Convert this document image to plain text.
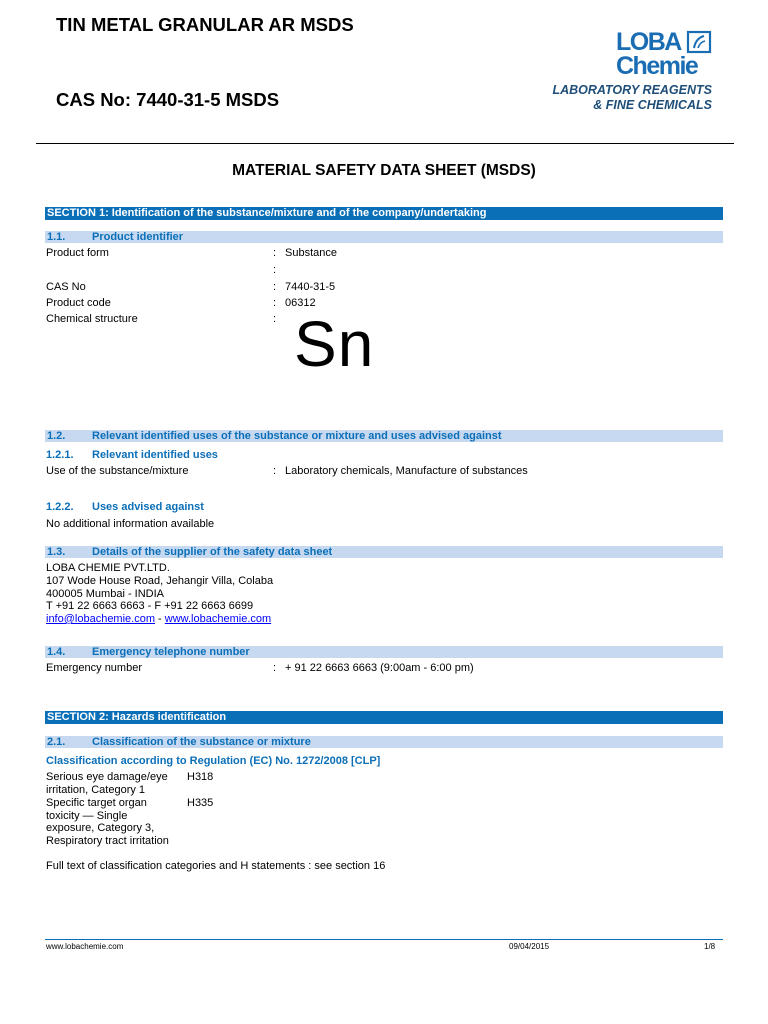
TIN METAL GRANULAR AR MSDS
CAS No: 7440-31-5 MSDS
LOBA
Chemie
LABORATORY REAGENTS
& FINE CHEMICALS
MATERIAL SAFETY DATA SHEET (MSDS)
SECTION 1: Identification of the substance/mixture and of the company/undertaking
1.1. Product identifier
Product form	: Substance
:
CAS No	: 7440-31-5
Product code	: 06312
Chemical structure	: Sn
1.2. Relevant identified uses of the substance or mixture and uses advised against
1.2.1. Relevant identified uses
Use of the substance/mixture	: Laboratory chemicals, Manufacture of substances
1.2.2. Uses advised against
No additional information available
1.3. Details of the supplier of the safety data sheet
LOBA CHEMIE PVT.LTD.
107 Wode House Road, Jehangir Villa, Colaba
400005 Mumbai - INDIA
T +91 22 6663 6663 - F +91 22 6663 6699
info@lobachemie.com - www.lobachemie.com
1.4. Emergency telephone number
Emergency number	: + 91 22 6663 6663 (9:00am - 6:00 pm)
SECTION 2: Hazards identification
2.1. Classification of the substance or mixture
Classification according to Regulation (EC) No. 1272/2008 [CLP]
Serious eye damage/eye
irritation, Category 1
H318
Specific target organ
toxicity — Single
exposure, Category 3,
Respiratory tract irritation
H335
Full text of classification categories and H statements : see section 16
www.lobachemie.com	09/04/2015	1/8
